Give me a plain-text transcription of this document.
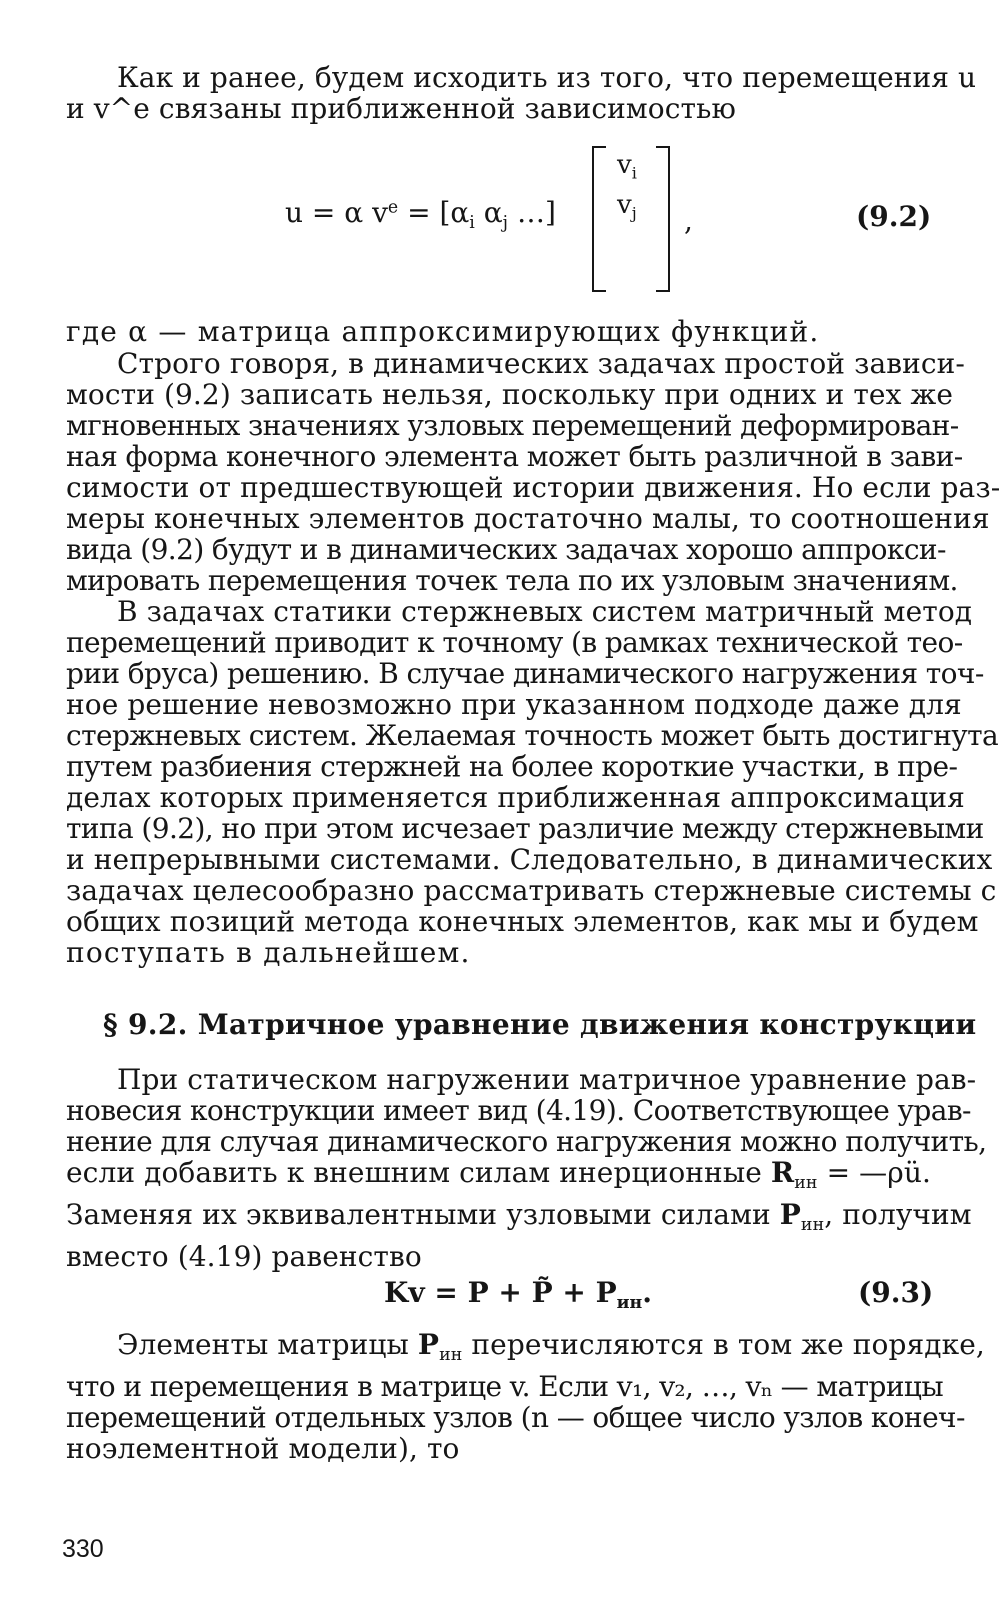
Как и ранее, будем исходить из того, что перемещения u
и v^e связаны приближенной зависимостью
u = α $v^e = [\alpha_i$ $\alpha_j$ …]
$v_i$
$v_j$ ,	(9.2)
где α — матрица аппроксимирующих функций.
Строго говоря, в динамических задачах простой зависи-
мости (9.2) записать нельзя, поскольку при одних и тех же
мгновенных значениях узловых перемещений деформирован-
ная форма конечного элемента может быть различной в зави-
симости от предшествующей истории движения. Но если раз-
меры конечных элементов достаточно малы, то соотношения
вида (9.2) будут и в динамических задачах хорошо аппрокси-
мировать перемещения точек тела по их узловым значениям.
В задачах статики стержневых систем матричный метод
перемещений приводит к точному (в рамках технической тео-
рии бруса) решению. В случае динамического нагружения точ-
ное решение невозможно при указанном подходе даже для
стержневых систем. Желаемая точность может быть достигнута
путем разбиения стержней на более короткие участки, в пре-
делах которых применяется приближенная аппроксимация
типа (9.2), но при этом исчезает различие между стержневыми
и непрерывными системами. Следовательно, в динамических
задачах целесообразно рассматривать стержневые системы с
общих позиций метода конечных элементов, как мы и будем
поступать в дальнейшем.
§ 9.2. Матричное уравнение движения конструкции
При статическом нагружении матричное уравнение рав-
новесия конструкции имеет вид (4.19). Соответствующее урав-
нение для случая динамического нагружения можно получить,
если добавить к внешним силам инерционные $R_{ин}$ = —ρü.
Заменяя их эквивалентными узловыми силами $P_{ин}$, получим
вместо (4.19) равенство
Kv = P + P̃ + $P_{ин}$.	(9.3)
Элементы матрицы $P_{ин}$ перечисляются в том же порядке,
что и перемещения в матрице v. Если v₁, v₂, …, vₙ — матрицы
перемещений отдельных узлов (n — общее число узлов конеч-
ноэлементной модели), то
330
